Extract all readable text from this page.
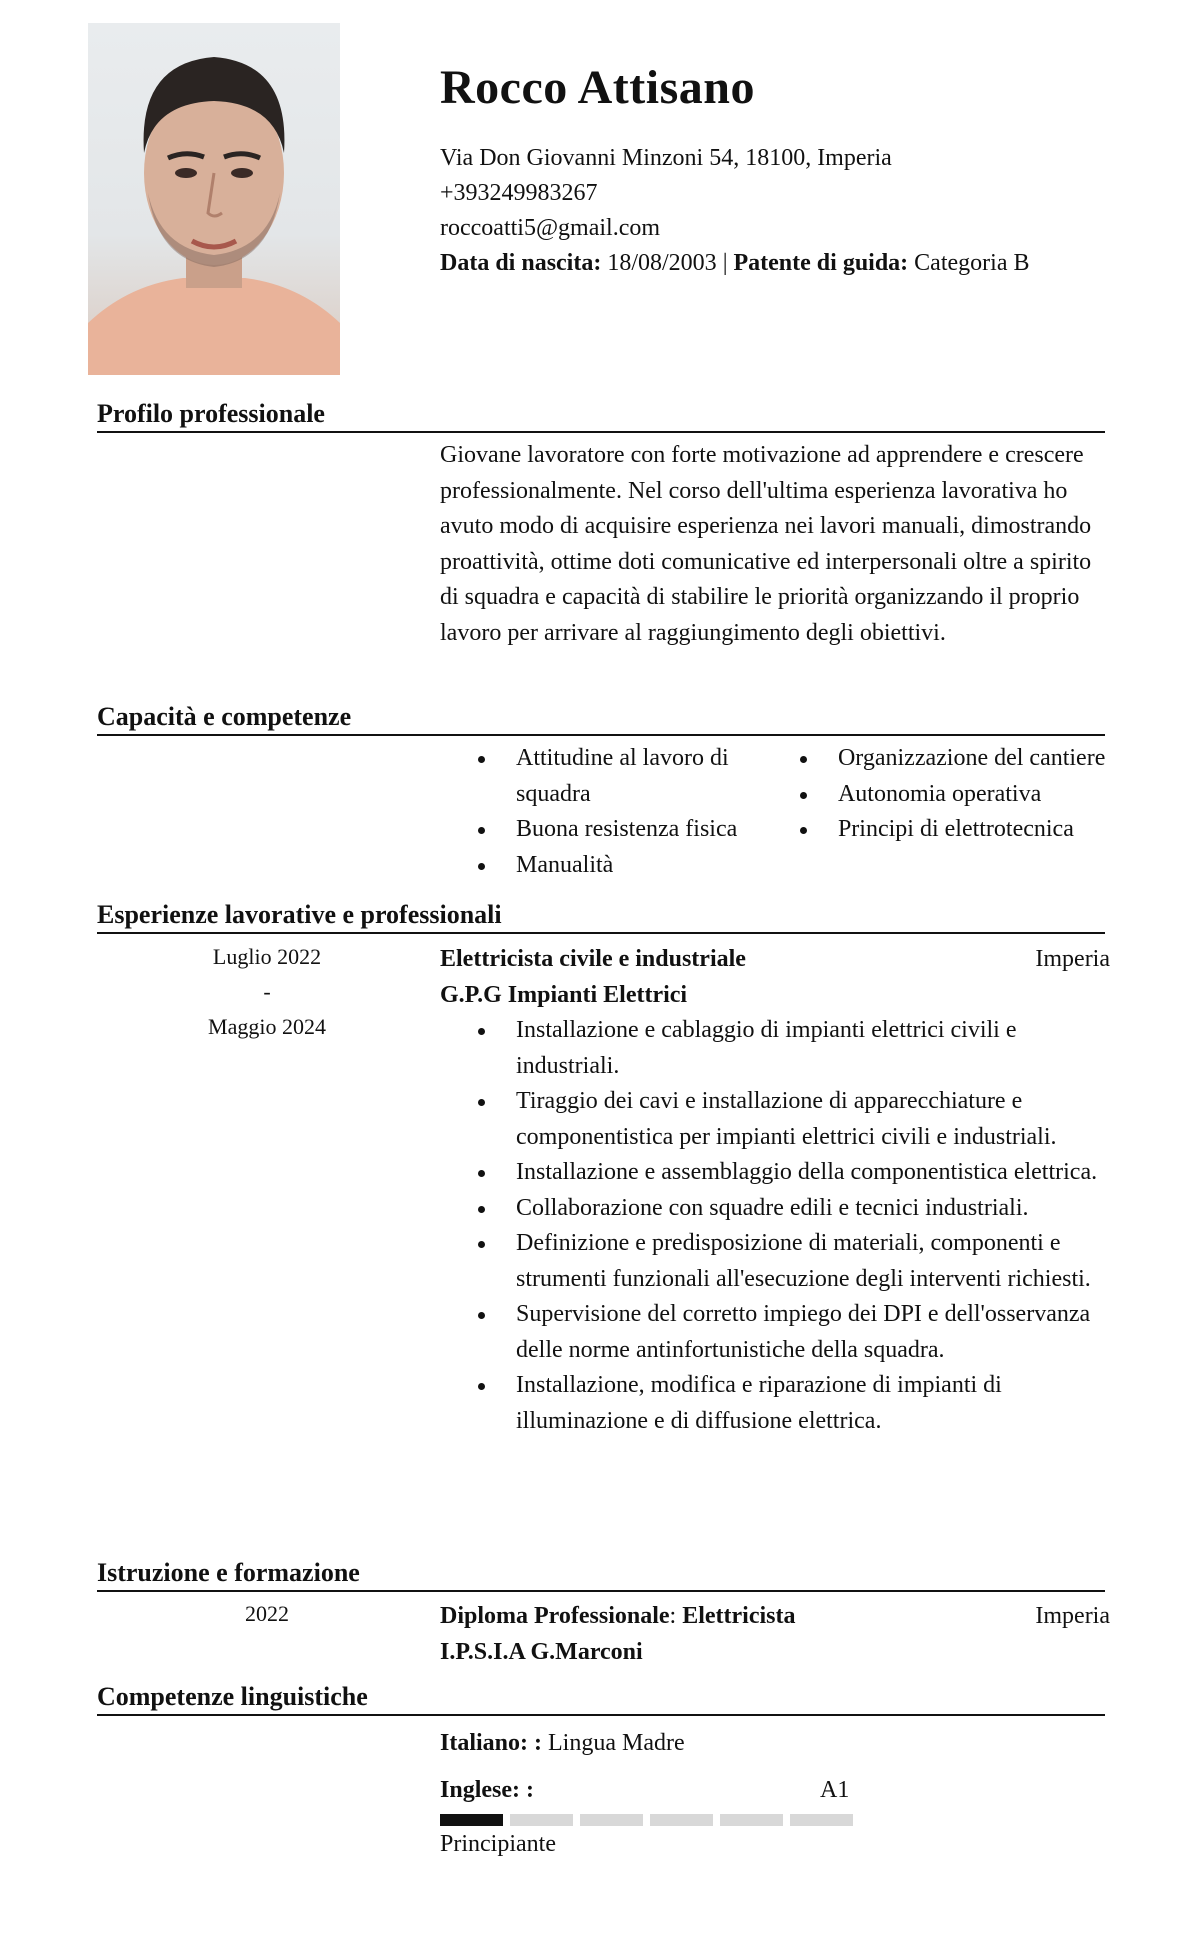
Rocco Attisano
Via Don Giovanni Minzoni 54, 18100, Imperia
+393249983267
roccoatti5@gmail.com
Data di nascita: 18/08/2003 | Patente di guida: Categoria B
Profilo professionale
Giovane lavoratore con forte motivazione ad apprendere e crescere professionalmente. Nel corso dell'ultima esperienza lavorativa ho avuto modo di acquisire esperienza nei lavori manuali, dimostrando proattività, ottime doti comunicative ed interpersonali oltre a spirito di squadra e capacità di stabilire le priorità organizzando il proprio lavoro per arrivare al raggiungimento degli obiettivi.
Capacità e competenze
Attitudine al lavoro di squadra
Buona resistenza fisica
Manualità
Organizzazione del cantiere
Autonomia operativa
Principi di elettrotecnica
Esperienze lavorative e professionali
Luglio 2022
-
Maggio 2024
Elettricista civile e industriale	Imperia
G.P.G Impianti Elettrici
Installazione e cablaggio di impianti elettrici civili e industriali.
Tiraggio dei cavi e installazione di apparecchiature e componentistica per impianti elettrici civili e industriali.
Installazione e assemblaggio della componentistica elettrica.
Collaborazione con squadre edili e tecnici industriali.
Definizione e predisposizione di materiali, componenti e strumenti funzionali all'esecuzione degli interventi richiesti.
Supervisione del corretto impiego dei DPI e dell'osservanza delle norme antinfortunistiche della squadra.
Installazione, modifica e riparazione di impianti di illuminazione e di diffusione elettrica.
Istruzione e formazione
2022	Diploma Professionale: Elettricista	Imperia
I.P.S.I.A G.Marconi
Competenze linguistiche
Italiano: : Lingua Madre
Inglese: :	A1
Principiante
